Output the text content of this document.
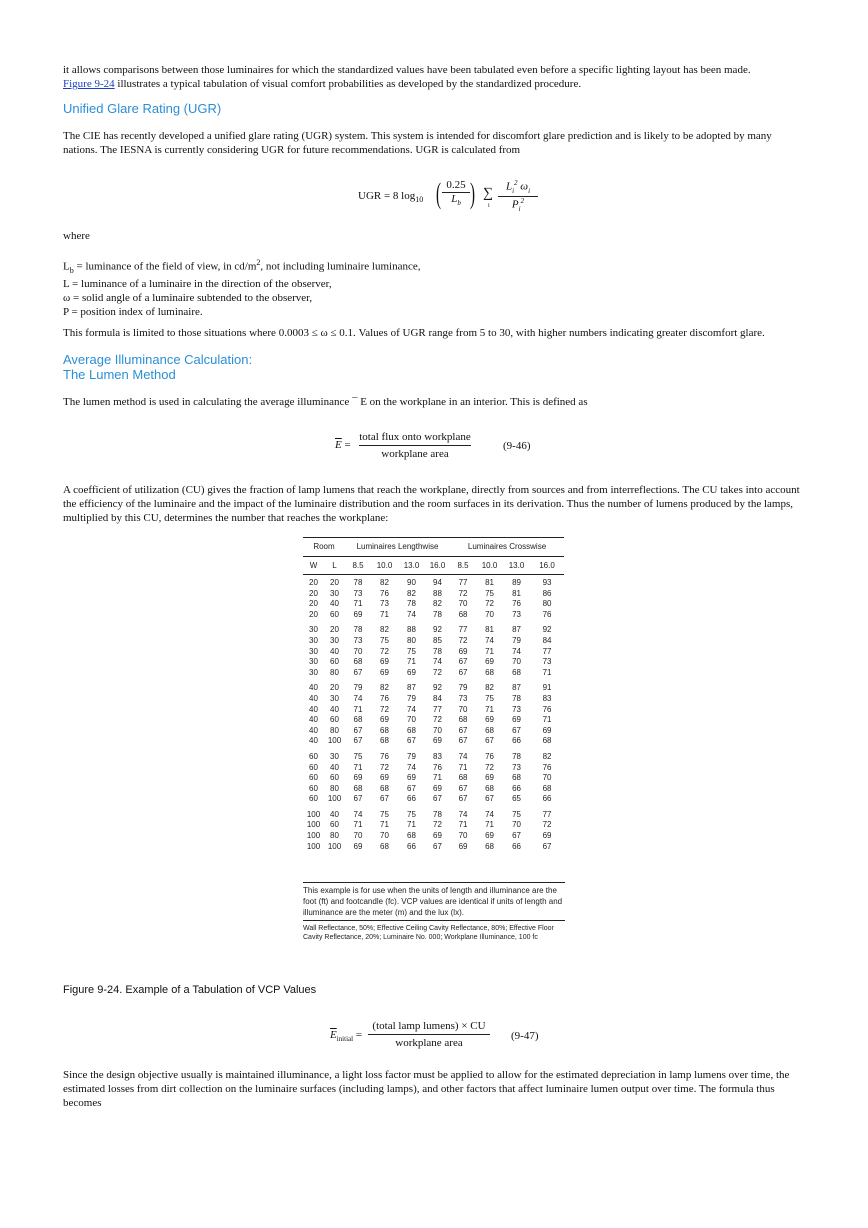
it allows comparisons between those luminaires for which the standardized values have been tabulated even before a specific lighting layout has been made.
Figure 9-24 illustrates a typical tabulation of visual comfort probabilities as developed by the standardized procedure.

Unified Glare Rating (UGR)

The CIE has recently developed a unified glare rating (UGR) system. This system is intended for discomfort glare prediction and is likely to be adopted by many nations. The IESNA is currently considering UGR for future recommendations. UGR is calculated from

UGR = 8 $\log_{10}$ ( 0.25
$L_b$ ) ∑
i
$L_i^2$ $\omega_i$
$P_i^2$

where

$L_b$ = luminance of the field of view, in $cd/m^2$, not including luminaire luminance,
L = luminance of a luminaire in the direction of the observer,
ω = solid angle of a luminaire subtended to the observer,
P = position index of luminaire.

This formula is limited to those situations where 0.0003 ≤ ω ≤ 0.1. Values of UGR range from 5 to 30, with higher numbers indicating greater discomfort glare.

Average Illuminance Calculation:
The Lumen Method

The lumen method is used in calculating the average illuminance ¯ E on the workplane in an interior. This is defined as

$\overline{E}$ =
total flux onto workplane
workplane area
(9-46)

A coefficient of utilization (CU) gives the fraction of lamp lumens that reach the workplane, directly from sources and from interreflections. The CU takes into account the efficiency of the luminaire and the impact of the luminaire distribution and the room surfaces in its derivation. Thus the number of lumens produced by the lamps, multiplied by this CU, determines the number that reaches the workplane:

Room		Luminaires Lengthwise				Luminaires Crosswise			
W	L	8.5	10.0	13.0	16.0	8.5	10.0	13.0	16.0

20	20	78	82	90	94	77	81	89	93
20	30	73	76	82	88	72	75	81	86
20	40	71	73	78	82	70	72	76	80
20	60	69	71	74	78	68	70	73	76

30	20	78	82	88	92	77	81	87	92
30	30	73	75	80	85	72	74	79	84
30	40	70	72	75	78	69	71	74	77
30	60	68	69	71	74	67	69	70	73
30	80	67	69	69	72	67	68	68	71

40	20	79	82	87	92	79	82	87	91
40	30	74	76	79	84	73	75	78	83
40	40	71	72	74	77	70	71	73	76
40	60	68	69	70	72	68	69	69	71
40	80	67	68	68	70	67	68	67	69
40	100	67	68	67	69	67	67	66	68

60	30	75	76	79	83	74	76	78	82
60	40	71	72	74	76	71	72	73	76
60	60	69	69	69	71	68	69	68	70
60	80	68	68	67	69	67	68	66	68
60	100	67	67	66	67	67	67	65	66

100	40	74	75	75	78	74	74	75	77
100	60	71	71	71	72	71	71	70	72
100	80	70	70	68	69	70	69	67	69
100	100	69	68	66	67	69	68	66	67
This example is for use when the units of length and illuminance are the foot (ft) and footcandle (fc). VCP values are identical if units of length and illuminance are the meter (m) and the lux (lx).
Wall Reflectance, 50%; Effective Ceiling Cavity Reflectance, 80%; Effective Floor Cavity Reflectance, 20%; Luminaire No. 000; Workplane Illuminance, 100 fc
Figure 9-24. Example of a Tabulation of VCP Values
$\overline{E}_{initial}$ =
(total lamp lumens) × CU
workplane area
(9-47)

Since the design objective usually is maintained illuminance, a light loss factor must be applied to allow for the estimated depreciation in lamp lumens over time, the estimated losses from dirt collection on the luminaire surfaces (including lamps), and other factors that affect luminaire lumen output over time. The formula thus becomes
